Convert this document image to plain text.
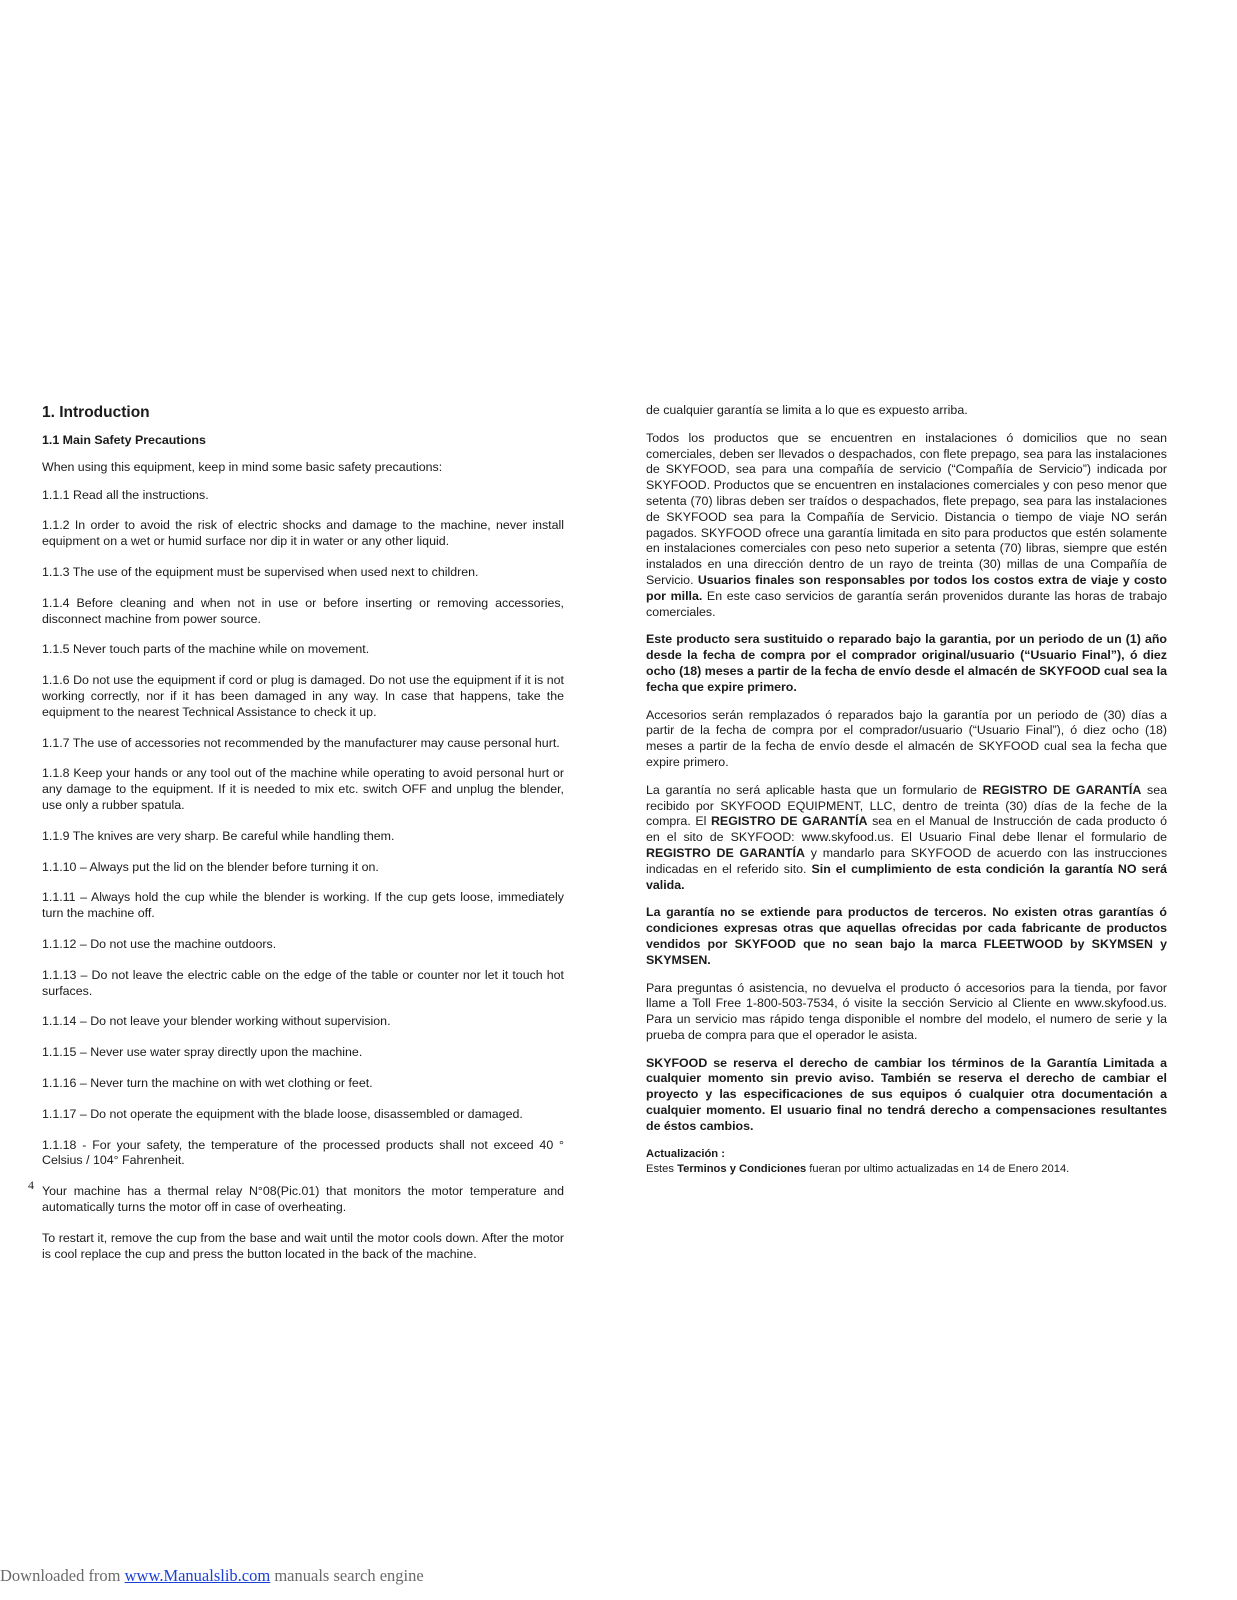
1. Introduction
1.1 Main Safety Precautions

When using this equipment, keep in mind some basic safety precautions:

1.1.1 Read all the instructions.

1.1.2 In order to avoid the risk of electric shocks and damage to the machine, never install equipment on a wet or humid surface nor dip it in water or any other liquid.

1.1.3 The use of the equipment must be supervised when used next to children.

1.1.4 Before cleaning and when not in use or before inserting or removing accessories, disconnect machine from power source.

1.1.5 Never touch parts of the machine while on movement.

1.1.6 Do not use the equipment if cord or plug is damaged. Do not use the equipment if it is not working correctly, nor if it has been damaged in any way. In case that happens, take the equipment to the nearest Technical Assistance to check it up.

1.1.7 The use of accessories not recommended by the manufacturer may cause personal hurt.

1.1.8 Keep your hands or any tool out of the machine while operating to avoid personal hurt or any damage to the equipment. If it is needed to mix etc. switch OFF and unplug the blender, use only a rubber spatula.

1.1.9 The knives are very sharp. Be careful while handling them.

1.1.10 – Always put the lid on the blender before turning it on.

1.1.11 – Always hold the cup while the blender is working. If the cup gets loose, immediately turn the machine off.

1.1.12 – Do not use the machine outdoors.

1.1.13 – Do not leave the electric cable on the edge of the table or counter nor let it touch hot surfaces.

1.1.14 – Do not leave your blender working without supervision.

1.1.15 – Never use water spray directly upon the machine.

1.1.16 – Never turn the machine on with wet clothing or feet.

1.1.17 – Do not operate the equipment with the blade loose, disassembled or damaged.

1.1.18 - For your safety, the temperature of the processed products shall not exceed 40 ° Celsius / 104° Fahrenheit.

Your machine has a thermal relay N°08(Pic.01) that monitors the motor temperature and automatically turns the motor off in case of overheating.

To restart it, remove the cup from the base and wait until the motor cools down. After the motor is cool replace the cup and press the button located in the back of the machine.

de cualquier garantía se limita a lo que es expuesto arriba.

Todos los productos que se encuentren en instalaciones ó domicilios que no sean comerciales, deben ser llevados o despachados, con flete prepago, sea para las instalaciones de SKYFOOD, sea para una compañía de servicio (“Compañía de Servicio”) indicada por SKYFOOD. Productos que se encuentren en instalaciones comerciales y con peso menor que setenta (70) libras deben ser traídos o despachados, flete prepago, sea para las instalaciones de SKYFOOD sea para la Compañía de Servicio. Distancia o tiempo de viaje NO serán pagados. SKYFOOD ofrece una garantía limitada en sito para productos que estén solamente en instalaciones comerciales con peso neto superior a setenta (70) libras, siempre que estén instalados en una dirección dentro de un rayo de treinta (30) millas de una Compañía de Servicio. Usuarios finales son responsables por todos los costos extra de viaje y costo por milla. En este caso servicios de garantía serán provenidos durante las horas de trabajo comerciales.

Este producto sera sustituido o reparado bajo la garantia, por un periodo de un (1) año desde la fecha de compra por el comprador original/usuario (“Usuario Final”), ó diez ocho (18) meses a partir de la fecha de envío desde el almacén de SKYFOOD cual sea la fecha que expire primero.

Accesorios serán remplazados ó reparados bajo la garantía por un periodo de (30) días a partir de la fecha de compra por el comprador/usuario (“Usuario Final”), ó diez ocho (18) meses a partir de la fecha de envío desde el almacén de SKYFOOD cual sea la fecha que expire primero.

La garantía no será aplicable hasta que un formulario de REGISTRO DE GARANTÍA sea recibido por SKYFOOD EQUIPMENT, LLC, dentro de treinta (30) días de la feche de la compra. El REGISTRO DE GARANTÍA sea en el Manual de Instrucción de cada producto ó en el sito de SKYFOOD: www.skyfood.us. El Usuario Final debe llenar el formulario de REGISTRO DE GARANTÍA y mandarlo para SKYFOOD de acuerdo con las instrucciones indicadas en el referido sito. Sin el cumplimiento de esta condición la garantía NO será valida.

La garantía no se extiende para productos de terceros. No existen otras garantías ó condiciones expresas otras que aquellas ofrecidas por cada fabricante de productos vendidos por SKYFOOD que no sean bajo la marca FLEETWOOD by SKYMSEN y SKYMSEN.

Para preguntas ó asistencia, no devuelva el producto ó accesorios para la tienda, por favor llame a Toll Free 1-800-503-7534, ó visite la sección Servicio al Cliente en www.skyfood.us. Para un servicio mas rápido tenga disponible el nombre del modelo, el numero de serie y la prueba de compra para que el operador le asista.

SKYFOOD se reserva el derecho de cambiar los términos de la Garantía Limitada a cualquier momento sin previo aviso. También se reserva el derecho de cambiar el proyecto y las especificaciones de sus equipos ó cualquier otra documentación a cualquier momento. El usuario final no tendrá derecho a compensaciones resultantes de éstos cambios.

Actualización :

Estes Terminos y Condiciones fueran por ultimo actualizadas en 14 de Enero 2014.

4
Downloaded from www.Manualslib.com manuals search engine
